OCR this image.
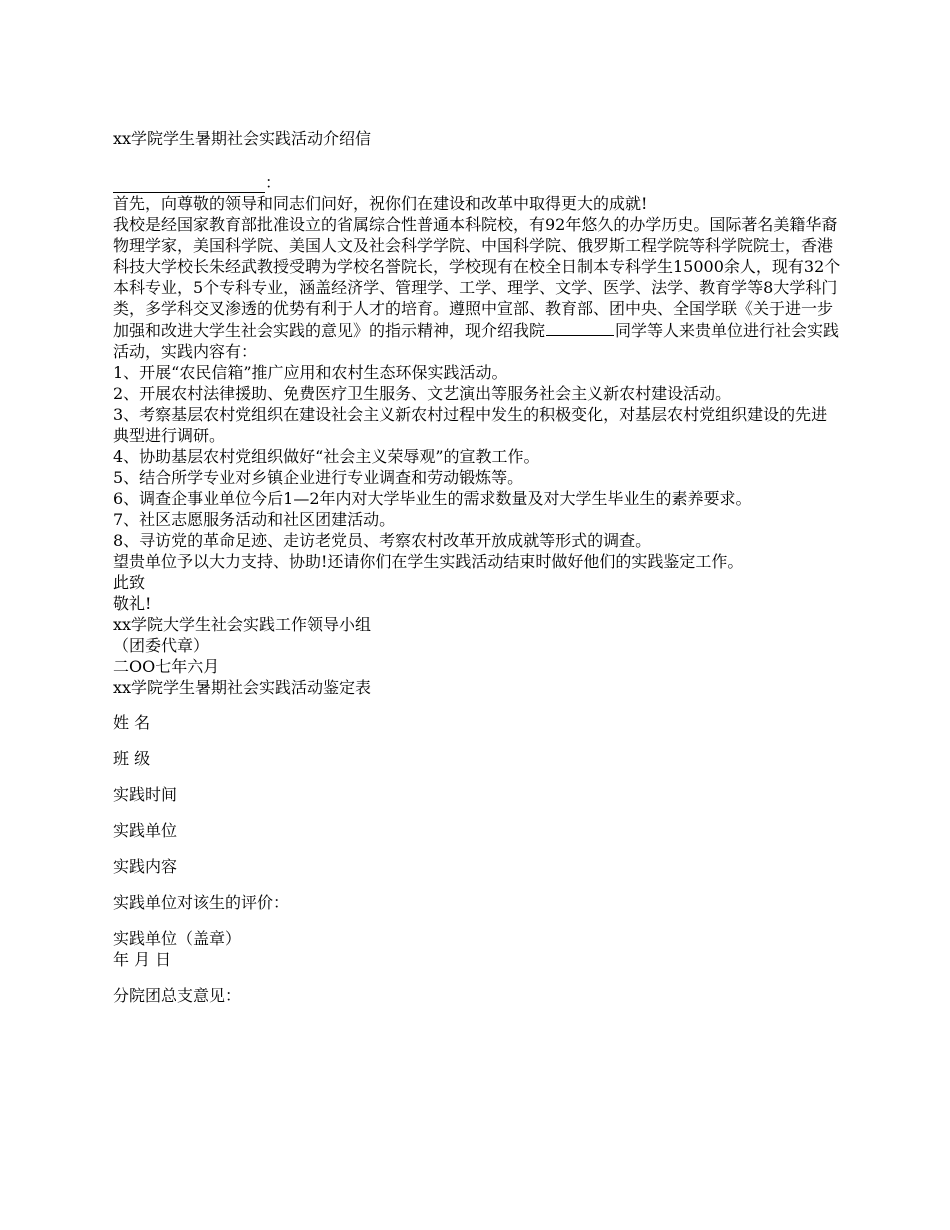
xx学院学生暑期社会实践活动介绍信

：

首先，向尊敬的领导和同志们问好，祝你们在建设和改革中取得更大的成就!

我校是经国家教育部批准设立的省属综合性普通本科院校，有92年悠久的办学历史。国际著名美籍华裔物理学家，美国科学院、美国人文及社会科学学院、中国科学院、俄罗斯工程学院等科学院院士，香港科技大学校长朱经武教授受聘为学校名誉院长，学校现有在校全日制本专科学生15000余人，现有32个本科专业，5个专科专业，涵盖经济学、管理学、工学、理学、文学、医学、法学、教育学等8大学科门类，多学科交叉渗透的优势有利于人才的培育。遵照中宣部、教育部、团中央、全国学联《关于进一步加强和改进大学生社会实践的意见》的指示精神，现介绍我院	同学等人来贵单位进行社会实践活动，实践内容有：

1、开展“农民信箱”推广应用和农村生态环保实践活动。

2、开展农村法律援助、免费医疗卫生服务、文艺演出等服务社会主义新农村建设活动。

3、考察基层农村党组织在建设社会主义新农村过程中发生的积极变化，对基层农村党组织建设的先进典型进行调研。

4、协助基层农村党组织做好“社会主义荣辱观”的宣教工作。

5、结合所学专业对乡镇企业进行专业调查和劳动锻炼等。

6、调查企事业单位今后1—2年内对大学毕业生的需求数量及对大学生毕业生的素养要求。

7、社区志愿服务活动和社区团建活动。

8、寻访党的革命足迹、走访老党员、考察农村改革开放成就等形式的调查。

望贵单位予以大力支持、协助!还请你们在学生实践活动结束时做好他们的实践鉴定工作。

此致

敬礼!

xx学院大学生社会实践工作领导小组

（团委代章）

二OO七年六月

xx学院学生暑期社会实践活动鉴定表

姓 名

班 级

实践时间

实践单位

实践内容

实践单位对该生的评价：

实践单位（盖章）

年 月 日

分院团总支意见：
